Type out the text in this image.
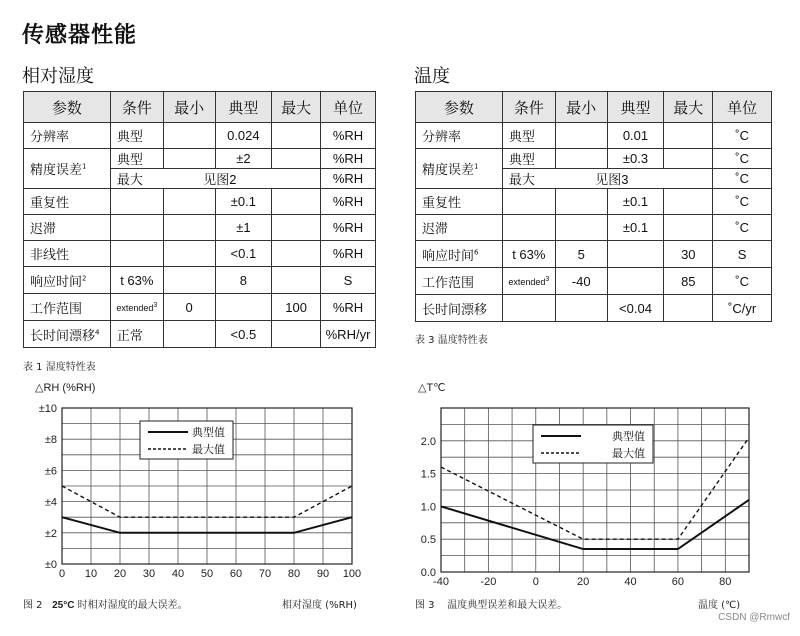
传感器性能
相对湿度
参数	条件	最小	典型	最大	单位
分辨率	典型		0.024		%RH
精度误差$^1$	典型		±2		%RH
	最大	见图2			%RH
重复性			±0.1		%RH
迟滞			±1		%RH
非线性			<0.1		%RH
响应时间$^2$	t 63%		8		S
工作范围	extended$^3$	0		100	%RH
长时间漂移$^4$	正常		<0.5		%RH/yr
表 1 湿度特性表
温度
参数	条件	最小	典型	最大	单位
分辨率	典型		0.01		˚C
精度误差$^1$	典型		±0.3		˚C
	最大	见图3			˚C
重复性			±0.1		˚C
迟滞			±0.1		˚C
响应时间$^6$	t 63%	5		30	S
工作范围	extended$^3$	-40		85	˚C
长时间漂移			<0.04		˚C/yr
表 3 温度特性表
△RH (%RH)
0 10 20 30 40 50 60 70 80 90 100
±0
±2
±4
±6
±8
±10
典型值
最大值
△T℃
-40	-20	0	20	40	60	80
0.0
0.5
1.0
1.5
2.0	典型值
最大值
图 2 25°C 时相对湿度的最大误差。	相对湿度 (%RH)	图 3 温度典型误差和最大误差。	温度 (℃)
CSDN @Rmwcf
